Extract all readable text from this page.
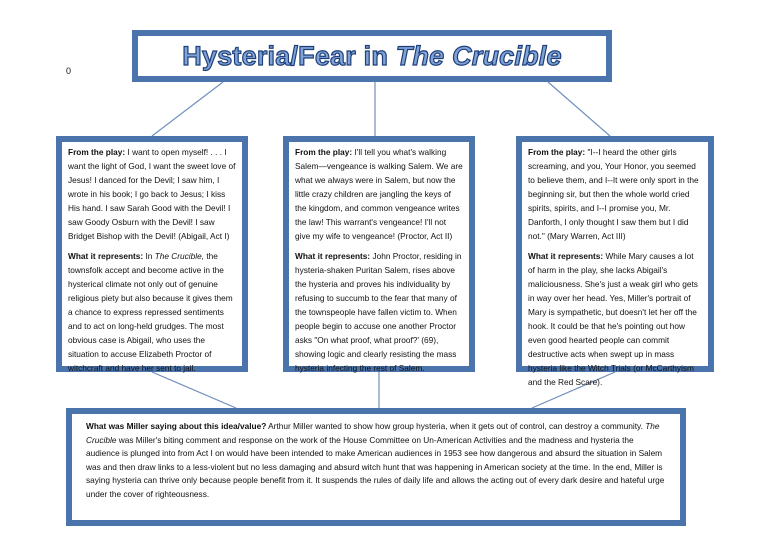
0
Hysteria/Fear in The Crucible

From the play: I want to open myself! . . . I want the light of God, I want the sweet love of Jesus! I danced for the Devil; I saw him, I wrote in his book; I go back to Jesus; I kiss His hand. I saw Sarah Good with the Devil! I saw Goody Osburn with the Devil! I saw Bridget Bishop with the Devil! (Abigail, Act I)

What it represents: In The Crucible, the townsfolk accept and become active in the hysterical climate not only out of genuine religious piety but also because it gives them a chance to express repressed sentiments and to act on long-held grudges. The most obvious case is Abigail, who uses the situation to accuse Elizabeth Proctor of witchcraft and have her sent to jail.

From the play: I'll tell you what's walking Salem—vengeance is walking Salem. We are what we always were in Salem, but now the little crazy children are jangling the keys of the kingdom, and common vengeance writes the law! This warrant's vengeance! I'll not give my wife to vengeance! (Proctor, Act II)

What it represents: John Proctor, residing in hysteria-shaken Puritan Salem, rises above the hysteria and proves his individuality by refusing to succumb to the fear that many of the townspeople have fallen victim to. When people begin to accuse one another Proctor asks "On what proof, what proof?' (69), showing logic and clearly resisting the mass hysteria infecting the rest of Salem.

From the play: "I--I heard the other girls screaming, and you, Your Honor, you seemed to believe them, and I--It were only sport in the beginning sir, but then the whole world cried spirits, spirits, and I--I promise you, Mr. Danforth, I only thought I saw them but I did not." (Mary Warren, Act III)

What it represents: While Mary causes a lot of harm in the play, she lacks Abigail's maliciousness. She's just a weak girl who gets in way over her head. Yes, Miller's portrait of Mary is sympathetic, but doesn't let her off the hook. It could be that he's pointing out how even good hearted people can commit destructive acts when swept up in mass hysteria like the Witch Trials (or McCarthyism and the Red Scare).

What was Miller saying about this idea/value? Arthur Miller wanted to show how group hysteria, when it gets out of control, can destroy a community. The Crucible was Miller's biting comment and response on the work of the House Committee on Un-American Activities and the madness and hysteria the audience is plunged into from Act I on would have been intended to make American audiences in 1953 see how dangerous and absurd the situation in Salem was and then draw links to a less-violent but no less damaging and absurd witch hunt that was happening in American society at the time. In the end, Miller is saying hysteria can thrive only because people benefit from it. It suspends the rules of daily life and allows the acting out of every dark desire and hateful urge under the cover of righteousness.
